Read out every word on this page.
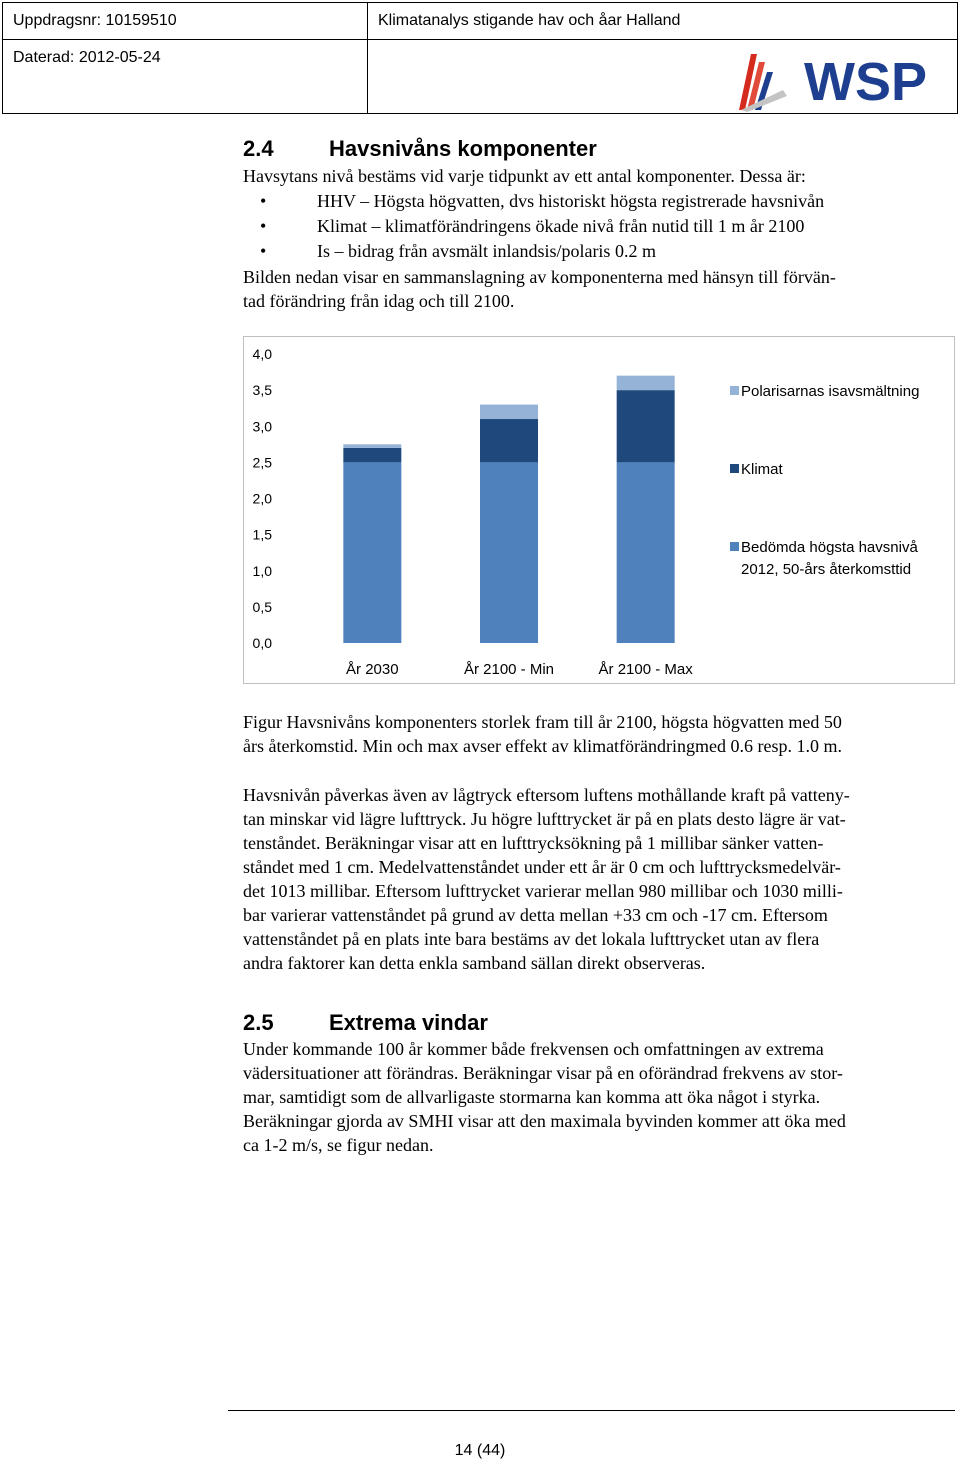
Uppdragsnr: 10159510	Klimatanalys stigande hav och åar Halland
Daterad: 2012-05-24	WSP
2.4	Havsnivåns komponenter
Havsytans nivå bestäms vid varje tidpunkt av ett antal komponenter. Dessa är:
• HHV – Högsta högvatten, dvs historiskt högsta registrerade havsnivån
• Klimat – klimatförändringens ökade nivå från nutid till 1 m år 2100
• Is – bidrag från avsmält inlandsis/polaris 0.2 m
Bilden nedan visar en sammanslagning av komponenterna med hänsyn till förvän-
tad förändring från idag och till 2100.
0,0
0,5
1,0
1,5
2,0
2,5
3,0
3,5
4,0
År 2030	År 2100 - Min	År 2100 - Max
Polarisarnas isavsmältning
Klimat
Bedömda högsta havsnivå
2012, 50-års återkomsttid
Figur Havsnivåns komponenters storlek fram till år 2100, högsta högvatten med 50
års återkomstid. Min och max avser effekt av klimatförändringmed 0.6 resp. 1.0 m.
Havsnivån påverkas även av lågtryck eftersom luftens mothållande kraft på vatteny-
tan minskar vid lägre lufttryck. Ju högre lufttrycket är på en plats desto lägre är vat-
tenståndet. Beräkningar visar att en lufttrycksökning på 1 millibar sänker vatten-
ståndet med 1 cm. Medelvattenståndet under ett år är 0 cm och lufttrycksmedelvär-
det 1013 millibar. Eftersom lufttrycket varierar mellan 980 millibar och 1030 milli-
bar varierar vattenståndet på grund av detta mellan +33 cm och -17 cm. Eftersom
vattenståndet på en plats inte bara bestäms av det lokala lufttrycket utan av flera
andra faktorer kan detta enkla samband sällan direkt observeras.
2.5	Extrema vindar
Under kommande 100 år kommer både frekvensen och omfattningen av extrema
vädersituationer att förändras. Beräkningar visar på en oförändrad frekvens av stor-
mar, samtidigt som de allvarligaste stormarna kan komma att öka något i styrka.
Beräkningar gjorda av SMHI visar att den maximala byvinden kommer att öka med
ca 1-2 m/s, se figur nedan.
14 (44)
